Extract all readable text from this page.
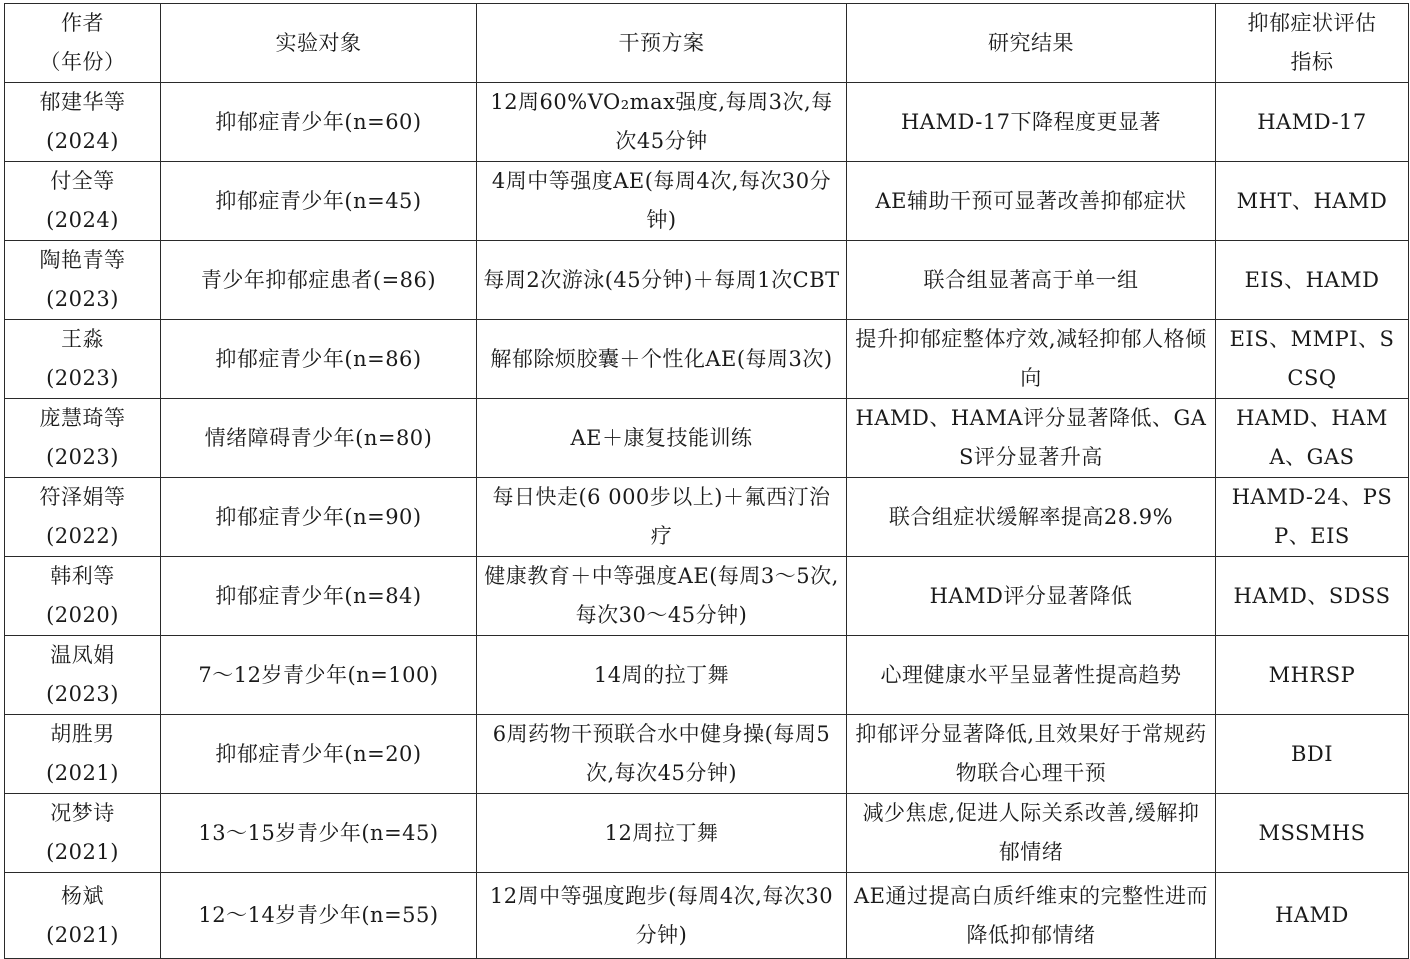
作者
（年份）	实验对象	干预方案	研究结果	抑郁症状评估
指标

郁建华等
(2024)	抑郁症青少年(n=60)	12周60%VO₂max强度,每周3次,每次45分钟	HAMD-17下降程度更显著	HAMD-17

付全等
(2024)	抑郁症青少年(n=45)	4周中等强度AE(每周4次,每次30分钟)	AE辅助干预可显著改善抑郁症状	MHT、HAMD

陶艳青等
(2023)	青少年抑郁症患者(=86)	每周2次游泳(45分钟)＋每周1次CBT	联合组显著高于单一组	EIS、HAMD

王淼
(2023)	抑郁症青少年(n=86)	解郁除烦胶囊＋个性化AE(每周3次)	提升抑郁症整体疗效,减轻抑郁人格倾向	EIS、MMPI、SCSQ

庞慧琦等
(2023)	情绪障碍青少年(n=80)	AE＋康复技能训练	HAMD、HAMA评分显著降低、GAS评分显著升高	HAMD、HAMA、GAS

符泽娟等
(2022)	抑郁症青少年(n=90)	每日快走(6 000步以上)＋氟西汀治疗	联合组症状缓解率提高28.9%	HAMD-24、PSP、EIS

韩利等
(2020)	抑郁症青少年(n=84)	健康教育＋中等强度AE(每周3～5次,每次30～45分钟)	HAMD评分显著降低	HAMD、SDSS

温凤娟
(2023)	7～12岁青少年(n=100)	14周的拉丁舞	心理健康水平呈显著性提高趋势	MHRSP

胡胜男
(2021)	抑郁症青少年(n=20)	6周药物干预联合水中健身操(每周5次,每次45分钟)	抑郁评分显著降低,且效果好于常规药物联合心理干预	BDI

况梦诗
(2021)	13～15岁青少年(n=45)	12周拉丁舞	减少焦虑,促进人际关系改善,缓解抑郁情绪	MSSMHS

杨斌
(2021)	12～14岁青少年(n=55)	12周中等强度跑步(每周4次,每次30分钟)	AE通过提高白质纤维束的完整性进而降低抑郁情绪	HAMD
